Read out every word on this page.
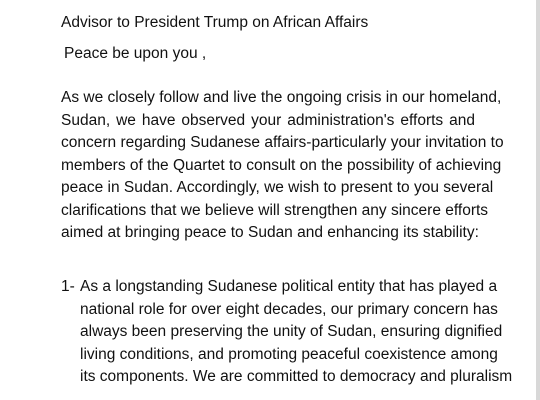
Advisor to President Trump on African Affairs
Peace be upon you ,
As we closely follow and live the ongoing crisis in our homeland,
Sudan, we have observed your administration's efforts and
concern regarding Sudanese affairs-particularly your invitation to
members of the Quartet to consult on the possibility of achieving
peace in Sudan. Accordingly, we wish to present to you several
clarifications that we believe will strengthen any sincere efforts
aimed at bringing peace to Sudan and enhancing its stability:
1- As a longstanding Sudanese political entity that has played a
national role for over eight decades, our primary concern has
always been preserving the unity of Sudan, ensuring dignified
living conditions, and promoting peaceful coexistence among
its components. We are committed to democracy and pluralism
